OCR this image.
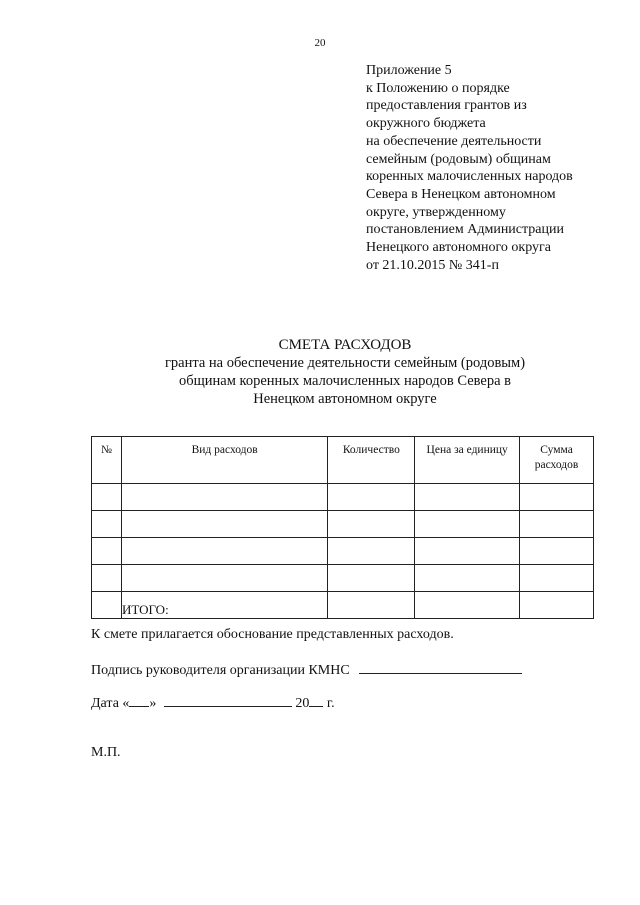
20
Приложение 5
к Положению о порядке
предоставления грантов из
окружного бюджета
на обеспечение деятельности
семейным (родовым) общинам
коренных малочисленных народов
Севера в Ненецком автономном
округе, утвержденному
постановлением Администрации
Ненецкого автономного округа
от 21.10.2015 № 341-п
СМЕТА РАСХОДОВ
гранта на обеспечение деятельности семейным (родовым)
общинам коренных малочисленных народов Севера в
Ненецком автономном округе
№	Вид расходов	Количество	Цена за единицу	Сумма расходов

	ИТОГО:			
К смете прилагается обоснование представленных расходов.
Подпись руководителя организации КМНС
Дата « »	20 г.
М.П.
